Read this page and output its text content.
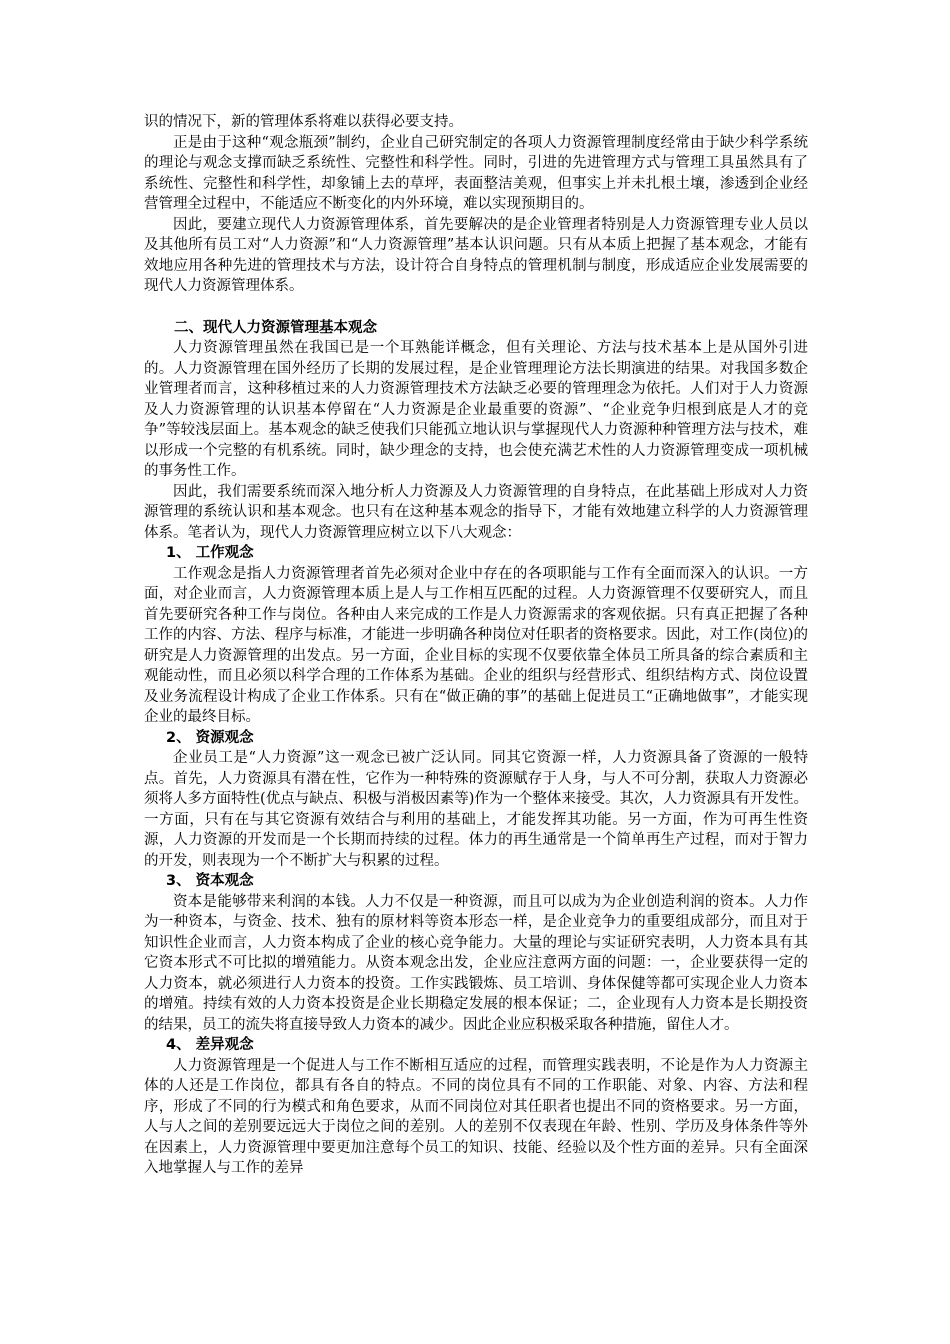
识的情况下，新的管理体系将难以获得必要支持。

正是由于这种“观念瓶颈”制约，企业自己研究制定的各项人力资源管理制度经常由于缺少科学系统的理论与观念支撑而缺乏系统性、完整性和科学性。同时，引进的先进管理方式与管理工具虽然具有了系统性、完整性和科学性，却象铺上去的草坪，表面整洁美观，但事实上并未扎根土壤，渗透到企业经营管理全过程中，不能适应不断变化的内外环境，难以实现预期目的。

因此，要建立现代人力资源管理体系，首先要解决的是企业管理者特别是人力资源管理专业人员以及其他所有员工对“人力资源”和“人力资源管理”基本认识问题。只有从本质上把握了基本观念，才能有效地应用各种先进的管理技术与方法，设计符合自身特点的管理机制与制度，形成适应企业发展需要的现代人力资源管理体系。

二、现代人力资源管理基本观念

人力资源管理虽然在我国已是一个耳熟能详概念，但有关理论、方法与技术基本上是从国外引进的。人力资源管理在国外经历了长期的发展过程，是企业管理理论方法长期演进的结果。对我国多数企业管理者而言，这种移植过来的人力资源管理技术方法缺乏必要的管理理念为依托。人们对于人力资源及人力资源管理的认识基本停留在“人力资源是企业最重要的资源”、“企业竞争归根到底是人才的竞争”等较浅层面上。基本观念的缺乏使我们只能孤立地认识与掌握现代人力资源种种管理方法与技术，难以形成一个完整的有机系统。同时，缺少理念的支持，也会使充满艺术性的人力资源管理变成一项机械的事务性工作。

因此，我们需要系统而深入地分析人力资源及人力资源管理的自身特点，在此基础上形成对人力资源管理的系统认识和基本观念。也只有在这种基本观念的指导下，才能有效地建立科学的人力资源管理体系。笔者认为，现代人力资源管理应树立以下八大观念：

1、 工作观念

工作观念是指人力资源管理者首先必须对企业中存在的各项职能与工作有全面而深入的认识。一方面，对企业而言，人力资源管理本质上是人与工作相互匹配的过程。人力资源管理不仅要研究人，而且首先要研究各种工作与岗位。各种由人来完成的工作是人力资源需求的客观依据。只有真正把握了各种工作的内容、方法、程序与标准，才能进一步明确各种岗位对任职者的资格要求。因此，对工作(岗位)的研究是人力资源管理的出发点。另一方面，企业目标的实现不仅要依靠全体员工所具备的综合素质和主观能动性，而且必须以科学合理的工作体系为基础。企业的组织与经营形式、组织结构方式、岗位设置及业务流程设计构成了企业工作体系。只有在“做正确的事”的基础上促进员工“正确地做事”，才能实现企业的最终目标。

2、 资源观念

企业员工是“人力资源”这一观念已被广泛认同。同其它资源一样，人力资源具备了资源的一般特点。首先，人力资源具有潜在性，它作为一种特殊的资源赋存于人身，与人不可分割，获取人力资源必须将人多方面特性(优点与缺点、积极与消极因素等)作为一个整体来接受。其次，人力资源具有开发性。一方面，只有在与其它资源有效结合与利用的基础上，才能发挥其功能。另一方面，作为可再生性资源，人力资源的开发而是一个长期而持续的过程。体力的再生通常是一个简单再生产过程，而对于智力的开发，则表现为一个不断扩大与积累的过程。

3、 资本观念

资本是能够带来利润的本钱。人力不仅是一种资源，而且可以成为为企业创造利润的资本。人力作为一种资本，与资金、技术、独有的原材料等资本形态一样，是企业竞争力的重要组成部分，而且对于知识性企业而言，人力资本构成了企业的核心竞争能力。大量的理论与实证研究表明，人力资本具有其它资本形式不可比拟的增殖能力。从资本观念出发，企业应注意两方面的问题：一，企业要获得一定的人力资本，就必须进行人力资本的投资。工作实践锻炼、员工培训、身体保健等都可实现企业人力资本的增殖。持续有效的人力资本投资是企业长期稳定发展的根本保证；二，企业现有人力资本是长期投资的结果，员工的流失将直接导致人力资本的减少。因此企业应积极采取各种措施，留住人才。

4、 差异观念

人力资源管理是一个促进人与工作不断相互适应的过程，而管理实践表明，不论是作为人力资源主体的人还是工作岗位，都具有各自的特点。不同的岗位具有不同的工作职能、对象、内容、方法和程序，形成了不同的行为模式和角色要求，从而不同岗位对其任职者也提出不同的资格要求。另一方面，人与人之间的差别要远远大于岗位之间的差别。人的差别不仅表现在年龄、性别、学历及身体条件等外在因素上，人力资源管理中要更加注意每个员工的知识、技能、经验以及个性方面的差异。只有全面深入地掌握人与工作的差异
